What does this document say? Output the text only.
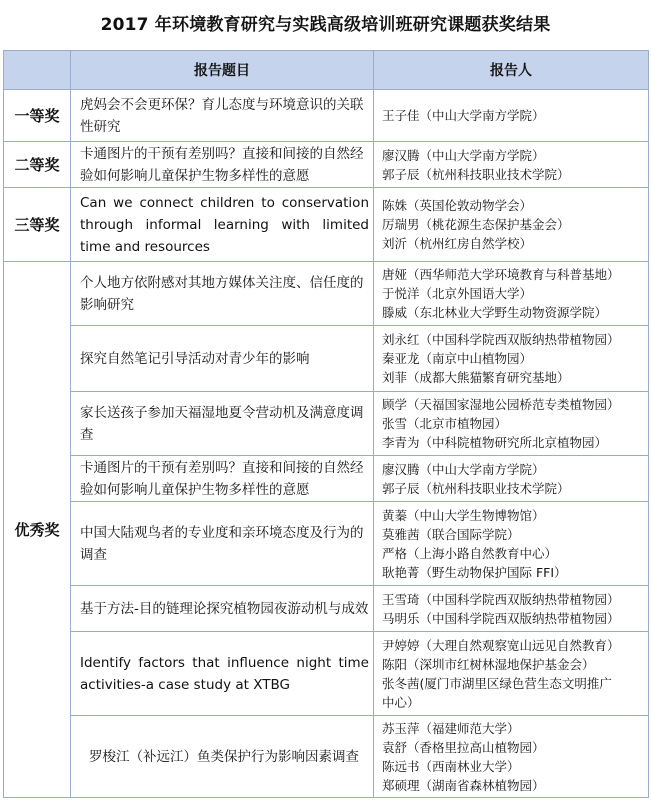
2017 年环境教育研究与实践高级培训班研究课题获奖结果
	报告题目	报告人
一等奖	虎妈会不会更环保？育儿态度与环境意识的关联性研究	王子佳（中山大学南方学院）

二等奖	卡通图片的干预有差别吗？直接和间接的自然经验如何影响儿童保护生物多样性的意愿	廖汉腾（中山大学南方学院）
郭子辰（杭州科技职业技术学院）

三等奖	Can we connect children to conservation through informal learning with limited time and resources	陈姝（英国伦敦动物学会）
厉瑞男（桃花源生态保护基金会）
刘沂（杭州红房自然学校）

优秀奖	个人地方依附感对其地方媒体关注度、信任度的影响研究	唐娅（西华师范大学环境教育与科普基地）
于悦洋（北京外国语大学）
滕威（东北林业大学野生动物资源学院）

	探究自然笔记引导活动对青少年的影响	刘永红（中国科学院西双版纳热带植物园）
秦亚龙（南京中山植物园）
刘菲（成都大熊猫繁育研究基地）

	家长送孩子参加天福湿地夏令营动机及满意度调查	顾学（天福国家湿地公园桥范专类植物园）
张雪（北京市植物园）
李青为（中科院植物研究所北京植物园）

	卡通图片的干预有差别吗？直接和间接的自然经验如何影响儿童保护生物多样性的意愿	廖汉腾（中山大学南方学院）
郭子辰（杭州科技职业技术学院）

	中国大陆观鸟者的专业度和亲环境态度及行为的调查	黄蓁（中山大学生物博物馆）
莫雅茜（联合国际学院）
严格（上海小路自然教育中心）
耿艳菁（野生动物保护国际 FFI）

	基于方法-目的链理论探究植物园夜游动机与成效	王雪琦（中国科学院西双版纳热带植物园）
马明乐（中国科学院西双版纳热带植物园）

	Identify factors that influence night time activities-a case study at XTBG	尹婷婷（大理自然观察宽山远见自然教育）
陈阳（深圳市红树林湿地保护基金会）
张冬茜(厦门市湖里区绿色营生态文明推广
中心）

	罗梭江（补远江）鱼类保护行为影响因素调查	苏玉萍（福建师范大学）
袁舒（香格里拉高山植物园）
陈远书（西南林业大学）
郑硕理（湖南省森林植物园）
